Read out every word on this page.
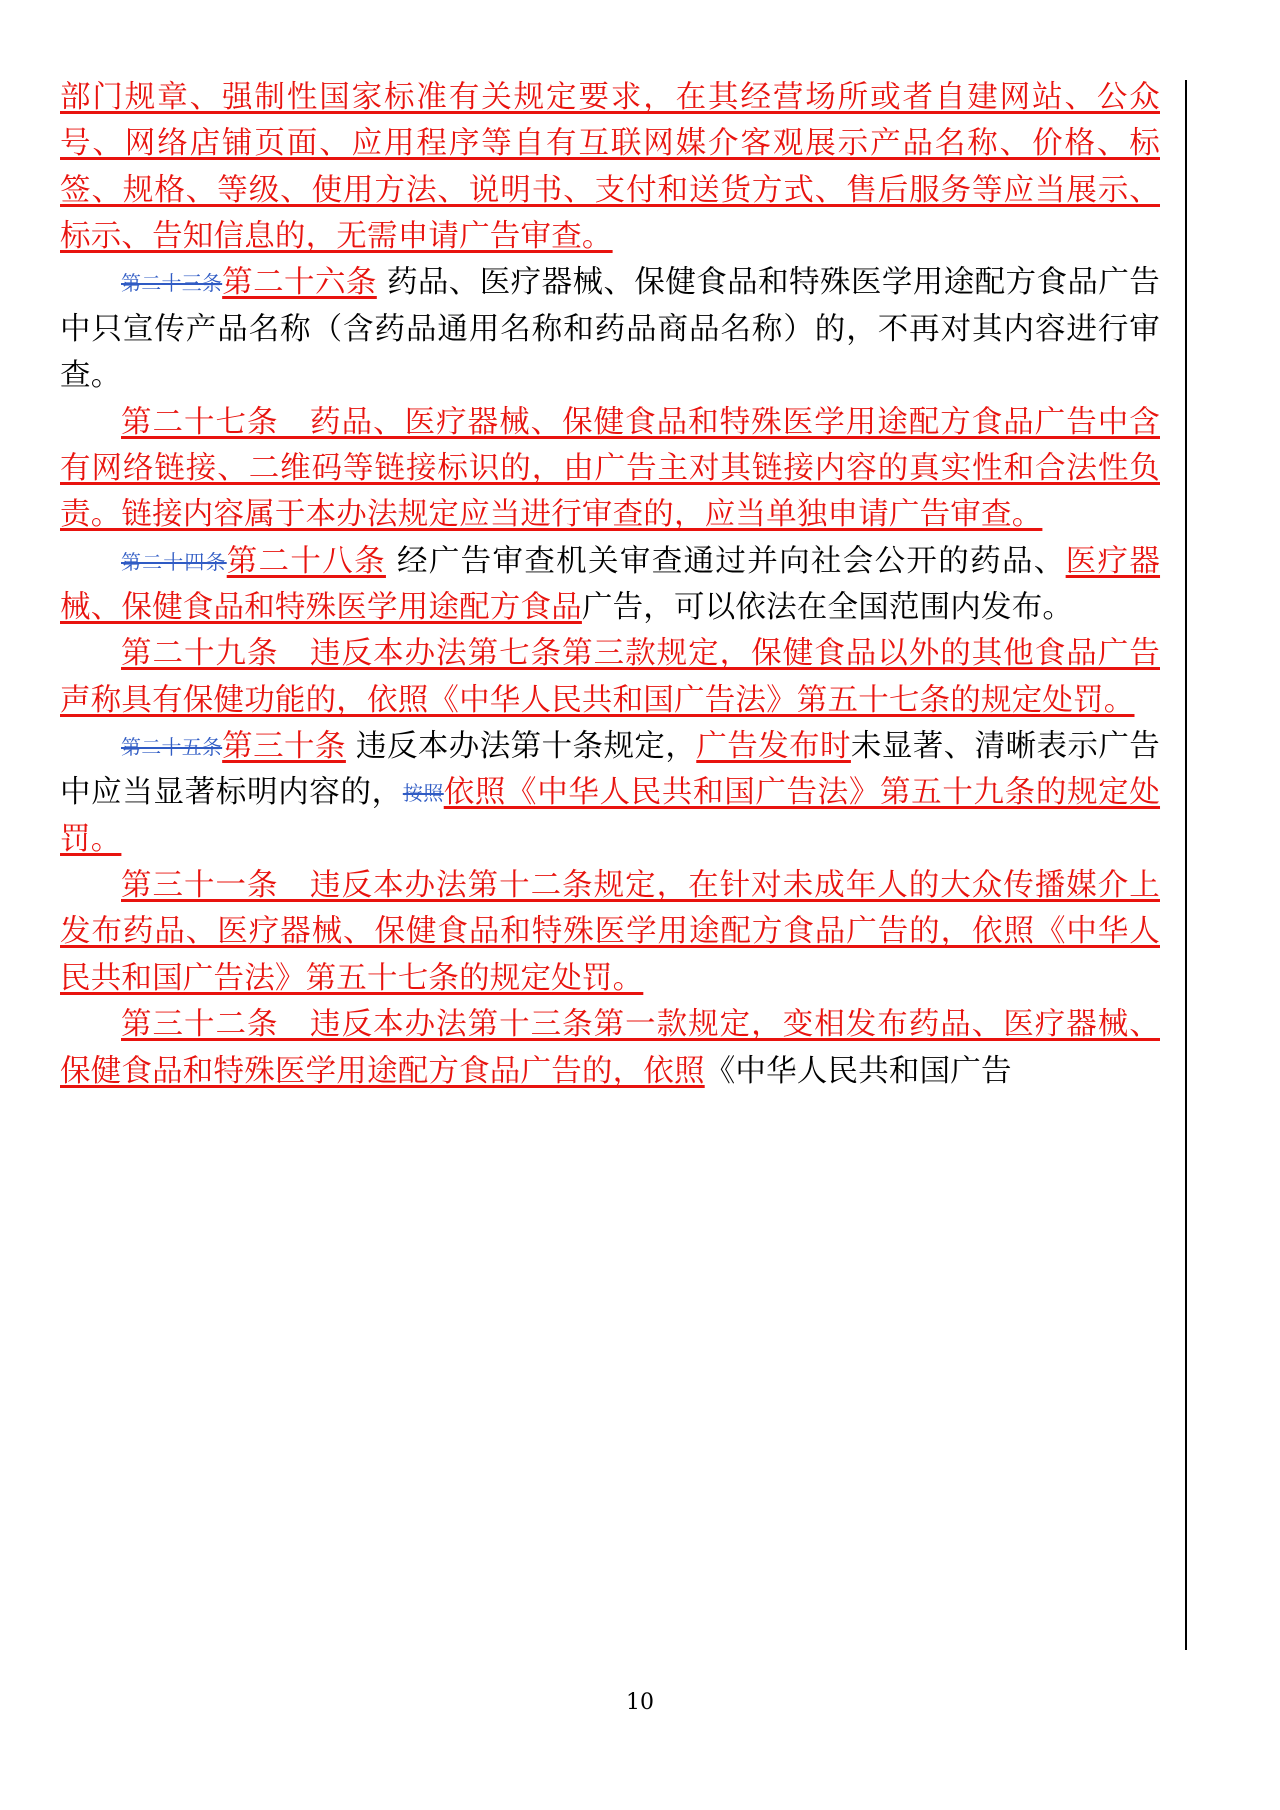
部门规章、强制性国家标准有关规定要求，在其经营场所或者自建网站、公众号、网络店铺页面、应用程序等自有互联网媒介客观展示产品名称、价格、标签、规格、等级、使用方法、说明书、支付和送货方式、售后服务等应当展示、标示、告知信息的，无需申请广告审查。

第二十三条第二十六条 药品、医疗器械、保健食品和特殊医学用途配方食品广告中只宣传产品名称（含药品通用名称和药品商品名称）的，不再对其内容进行审查。

第二十七条　药品、医疗器械、保健食品和特殊医学用途配方食品广告中含有网络链接、二维码等链接标识的，由广告主对其链接内容的真实性和合法性负责。链接内容属于本办法规定应当进行审查的，应当单独申请广告审查。

第二十四条第二十八条 经广告审查机关审查通过并向社会公开的药品、医疗器械、保健食品和特殊医学用途配方食品广告，可以依法在全国范围内发布。

第二十九条　违反本办法第七条第三款规定，保健食品以外的其他食品广告声称具有保健功能的，依照《中华人民共和国广告法》第五十七条的规定处罚。

第二十五条第三十条 违反本办法第十条规定，广告发布时未显著、清晰表示广告中应当显著标明内容的，按照依照《中华人民共和国广告法》第五十九条的规定处罚。

第三十一条　违反本办法第十二条规定，在针对未成年人的大众传播媒介上发布药品、医疗器械、保健食品和特殊医学用途配方食品广告的，依照《中华人民共和国广告法》第五十七条的规定处罚。

第三十二条　违反本办法第十三条第一款规定，变相发布药品、医疗器械、保健食品和特殊医学用途配方食品广告的，依照《中华人民共和国广告

10
